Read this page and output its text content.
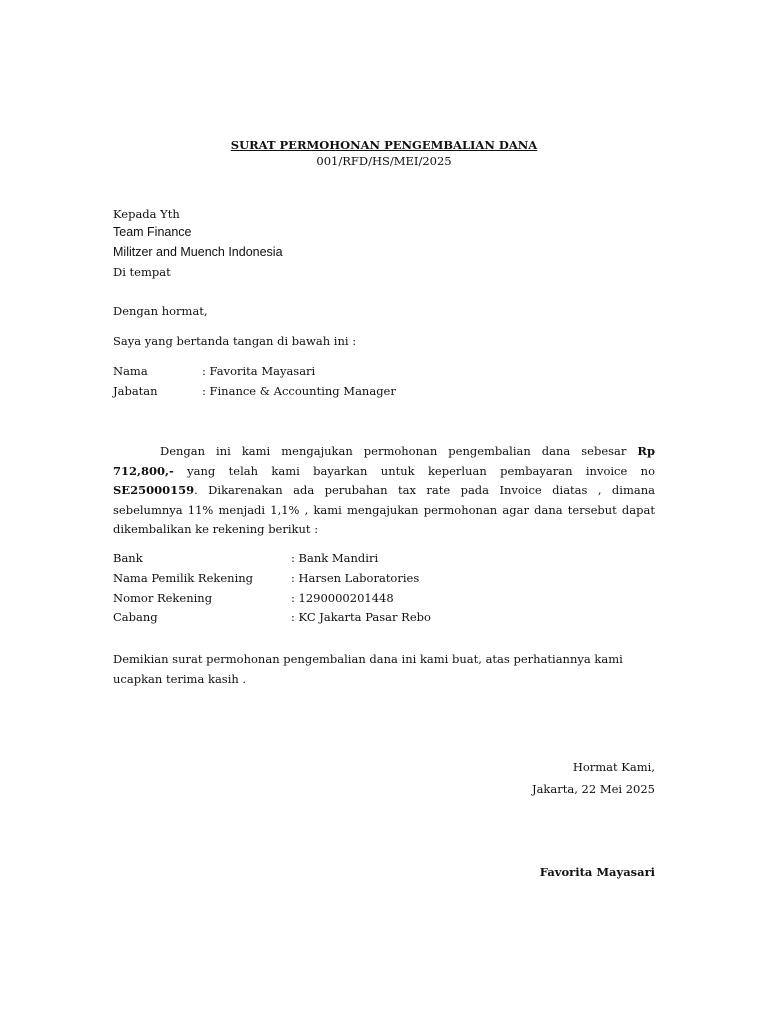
SURAT PERMOHONAN PENGEMBALIAN DANA
001/RFD/HS/MEI/2025
Kepada Yth
Team Finance
Militzer and Muench Indonesia
Di tempat
Dengan hormat,
Saya yang bertanda tangan di bawah ini :
Nama	: Favorita Mayasari
Jabatan	: Finance & Accounting Manager
Dengan ini kami mengajukan permohonan pengembalian dana sebesar Rp 712,800,- yang telah kami bayarkan untuk keperluan pembayaran invoice no SE25000159. Dikarenakan ada perubahan tax rate pada Invoice diatas , dimana sebelumnya 11% menjadi 1,1% , kami mengajukan permohonan agar dana tersebut dapat dikembalikan ke rekening berikut :
Bank	: Bank Mandiri
Nama Pemilik Rekening	: Harsen Laboratories
Nomor Rekening	: 1290000201448
Cabang	: KC Jakarta Pasar Rebo
Demikian surat permohonan pengembalian dana ini kami buat, atas perhatiannya kami ucapkan terima kasih .
Hormat Kami,
Jakarta, 22 Mei 2025
Favorita Mayasari
